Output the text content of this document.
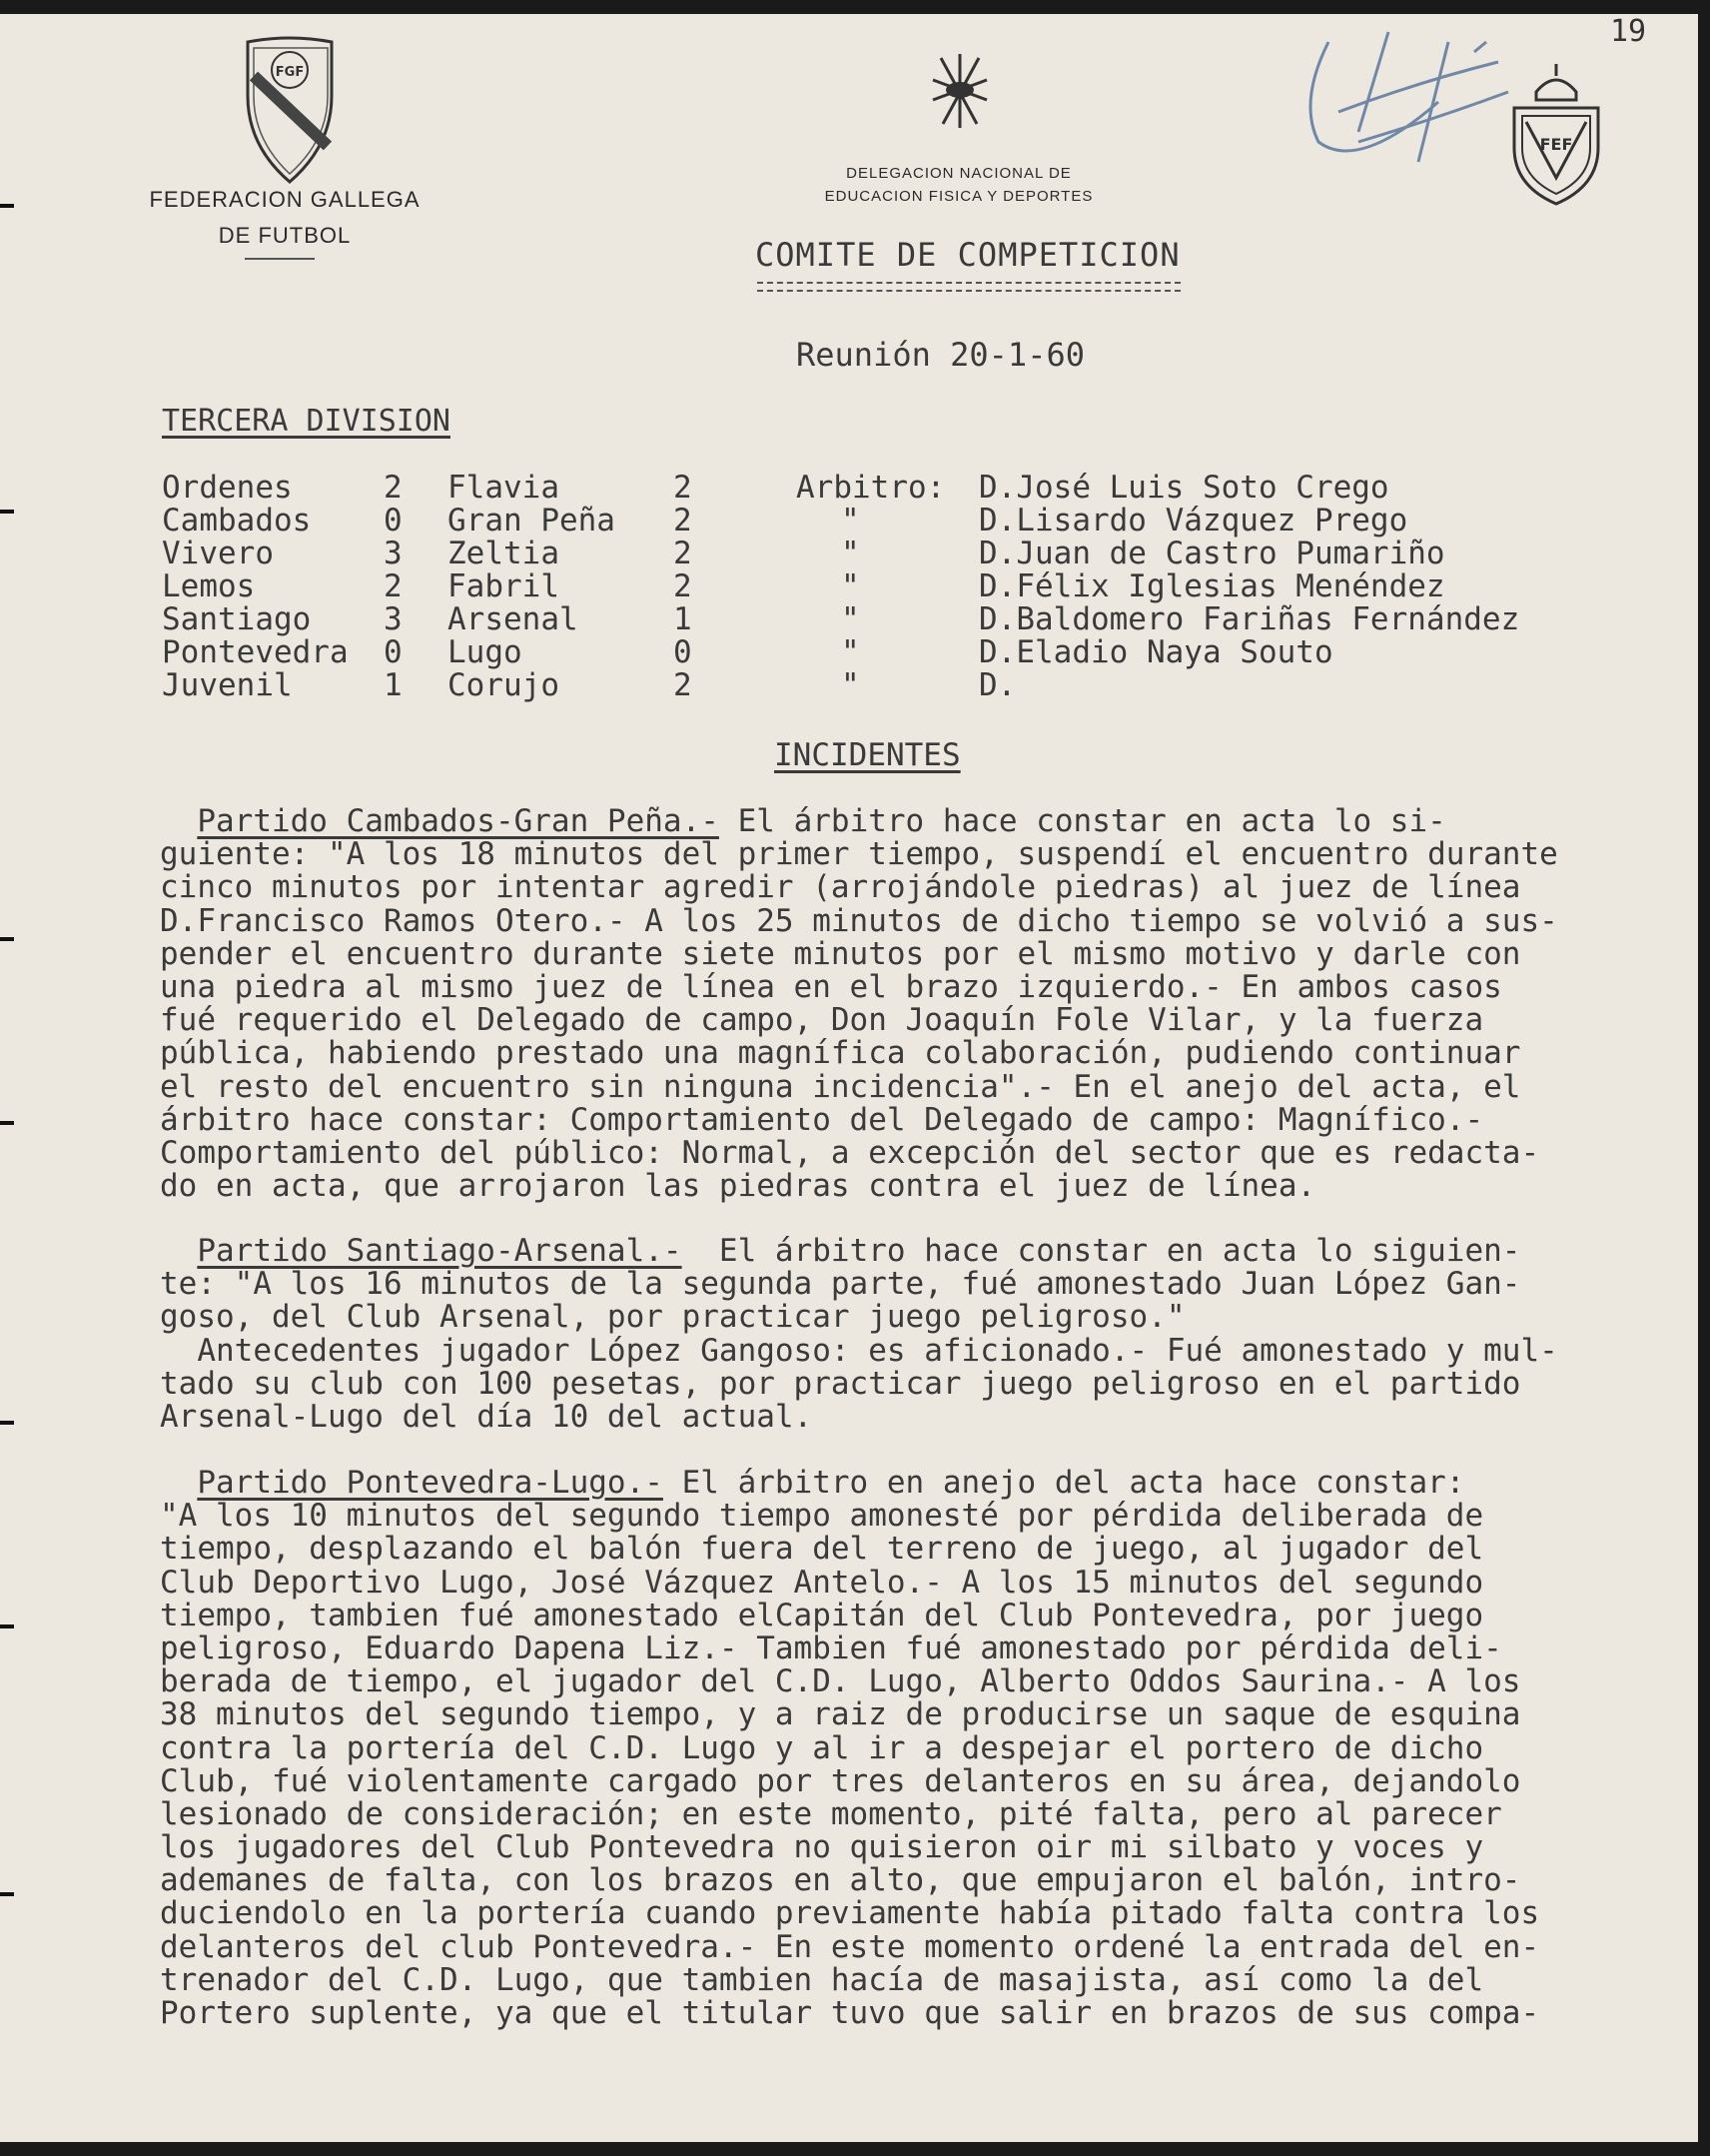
FGF
FEDERACION GALLEGA
DE FUTBOL
DELEGACION NACIONAL DE
EDUCACION FISICA Y DEPORTES
FEF
19
COMITE DE COMPETICION
Reunión 20-1-60
TERCERA DIVISION
Ordenes	2 Flavia	2	Arbitro: D.José Luis Soto Crego
Cambados 0 Gran Peña 2	"	D.Lisardo Vázquez Prego
Vivero	3 Zeltia	2	"	D.Juan de Castro Pumariño
Lemos	2 Fabril	2	"	D.Félix Iglesias Menéndez
Santiago 3 Arsenal	1	"	D.Baldomero Fariñas Fernández
Pontevedra 0 Lugo	0	"	D.Eladio Naya Souto
Juvenil	1 Corujo	2	"	D.
INCIDENTES
Partido Cambados-Gran Peña.- El árbitro hace constar en acta lo si-
guiente: "A los 18 minutos del primer tiempo, suspendí el encuentro durante
cinco minutos por intentar agredir (arrojándole piedras) al juez de línea
D.Francisco Ramos Otero.- A los 25 minutos de dicho tiempo se volvió a sus-
pender el encuentro durante siete minutos por el mismo motivo y darle con
una piedra al mismo juez de línea en el brazo izquierdo.- En ambos casos
fué requerido el Delegado de campo, Don Joaquín Fole Vilar, y la fuerza
pública, habiendo prestado una magnífica colaboración, pudiendo continuar
el resto del encuentro sin ninguna incidencia".- En el anejo del acta, el
árbitro hace constar: Comportamiento del Delegado de campo: Magnífico.-
Comportamiento del público: Normal, a excepción del sector que es redacta-
do en acta, que arrojaron las piedras contra el juez de línea.
Partido Santiago-Arsenal.-  El árbitro hace constar en acta lo siguien-
te: "A los 16 minutos de la segunda parte, fué amonestado Juan López Gan-
goso, del Club Arsenal, por practicar juego peligroso."
Antecedentes jugador López Gangoso: es aficionado.- Fué amonestado y mul-
tado su club con 100 pesetas, por practicar juego peligroso en el partido
Arsenal-Lugo del día 10 del actual.
Partido Pontevedra-Lugo.- El árbitro en anejo del acta hace constar:
"A los 10 minutos del segundo tiempo amonesté por pérdida deliberada de
tiempo, desplazando el balón fuera del terreno de juego, al jugador del
Club Deportivo Lugo, José Vázquez Antelo.- A los 15 minutos del segundo
tiempo, tambien fué amonestado elCapitán del Club Pontevedra, por juego
peligroso, Eduardo Dapena Liz.- Tambien fué amonestado por pérdida deli-
berada de tiempo, el jugador del C.D. Lugo, Alberto Oddos Saurina.- A los
38 minutos del segundo tiempo, y a raiz de producirse un saque de esquina
contra la portería del C.D. Lugo y al ir a despejar el portero de dicho
Club, fué violentamente cargado por tres delanteros en su área, dejandolo
lesionado de consideración; en este momento, pité falta, pero al parecer
los jugadores del Club Pontevedra no quisieron oir mi silbato y voces y
ademanes de falta, con los brazos en alto, que empujaron el balón, intro-
duciendolo en la portería cuando previamente había pitado falta contra los
delanteros del club Pontevedra.- En este momento ordené la entrada del en-
trenador del C.D. Lugo, que tambien hacía de masajista, así como la del
Portero suplente, ya que el titular tuvo que salir en brazos de sus compa-
